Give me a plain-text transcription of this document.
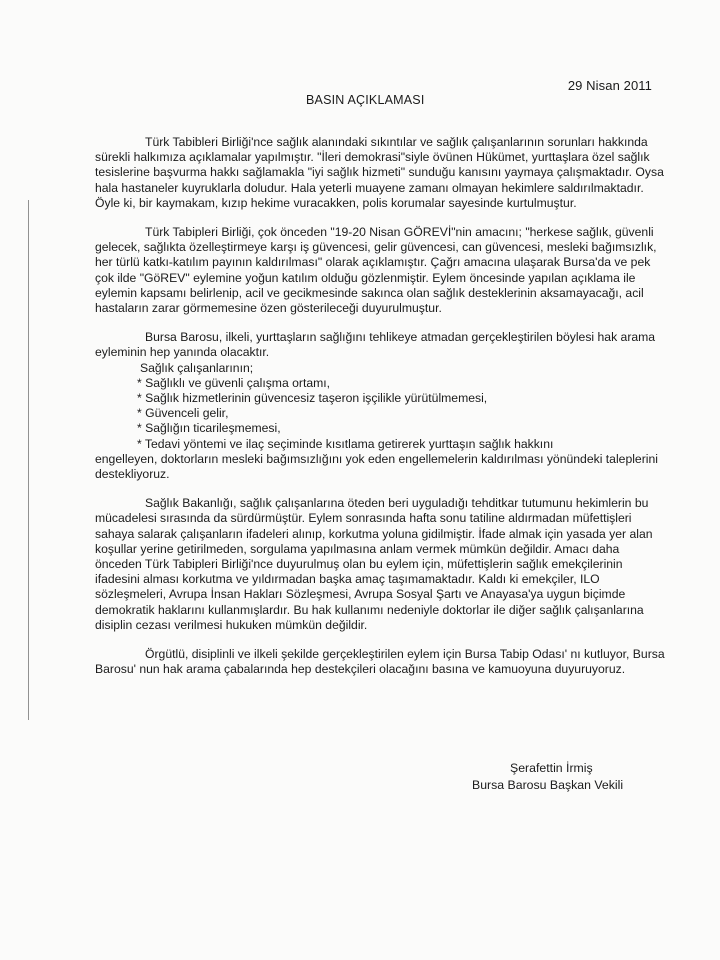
29 Nisan 2011
BASIN AÇIKLAMASI

Türk Tabibleri Birliği'nce sağlık alanındaki sıkıntılar ve sağlık çalışanlarının sorunları hakkında sürekli halkımıza açıklamalar yapılmıştır. "İleri demokrasi"siyle övünen Hükümet, yurttaşlara özel sağlık tesislerine başvurma hakkı sağlamakla "iyi sağlık hizmeti" sunduğu kanısını yaymaya çalışmaktadır. Oysa hala hastaneler kuyruklarla doludur. Hala yeterli muayene zamanı olmayan hekimlere saldırılmaktadır. Öyle ki, bir kaymakam, kızıp hekime vuracakken, polis korumalar sayesinde kurtulmuştur.

Türk Tabipleri Birliği, çok önceden "19-20 Nisan GÖREVİ"nin amacını; "herkese sağlık, güvenli gelecek, sağlıkta özelleştirmeye karşı iş güvencesi, gelir güvencesi, can güvencesi, mesleki bağımsızlık, her türlü katkı-katılım payının kaldırılması" olarak açıklamıştır. Çağrı amacına ulaşarak Bursa'da ve pek çok ilde "GöREV" eylemine yoğun katılım olduğu gözlenmiştir. Eylem öncesinde yapılan açıklama ile eylemin kapsamı belirlenip, acil ve gecikmesinde sakınca olan sağlık desteklerinin aksamayacağı, acil hastaların zarar görmemesine özen gösterileceği duyurulmuştur.

Bursa Barosu, ilkeli, yurttaşların sağlığını tehlikeye atmadan gerçekleştirilen böylesi hak arama eyleminin hep yanında olacaktır.

Sağlık çalışanlarının;

* Sağlıklı ve güvenli çalışma ortamı,
* Sağlık hizmetlerinin güvencesiz taşeron işçilikle yürütülmemesi,
* Güvenceli gelir,
* Sağlığın ticarileşmemesi,
* Tedavi yöntemi ve ilaç seçiminde kısıtlama getirerek yurttaşın sağlık hakkını

engelleyen, doktorların mesleki bağımsızlığını yok eden engellemelerin kaldırılması yönündeki taleplerini destekliyoruz.

Sağlık Bakanlığı, sağlık çalışanlarına öteden beri uyguladığı tehditkar tutumunu hekimlerin bu mücadelesi sırasında da sürdürmüştür. Eylem sonrasında hafta sonu tatiline aldırmadan müfettişleri sahaya salarak çalışanların ifadeleri alınıp, korkutma yoluna gidilmiştir. İfade almak için yasada yer alan koşullar yerine getirilmeden, sorgulama yapılmasına anlam vermek mümkün değildir. Amacı daha önceden Türk Tabipleri Birliği'nce duyurulmuş olan bu eylem için, müfettişlerin sağlık emekçilerinin ifadesini alması korkutma ve yıldırmadan başka amaç taşımamaktadır. Kaldı ki emekçiler, ILO sözleşmeleri, Avrupa İnsan Hakları Sözleşmesi, Avrupa Sosyal Şartı ve Anayasa'ya uygun biçimde demokratik haklarını kullanmışlardır. Bu hak kullanımı nedeniyle doktorlar ile diğer sağlık çalışanlarına disiplin cezası verilmesi hukuken mümkün değildir.

Örgütlü, disiplinli ve ilkeli şekilde gerçekleştirilen eylem için Bursa Tabip Odası' nı kutluyor, Bursa Barosu' nun hak arama çabalarında hep destekçileri olacağını basına ve kamuoyuna duyuruyoruz.

Şerafettin İrmiş
Bursa Barosu Başkan Vekili
